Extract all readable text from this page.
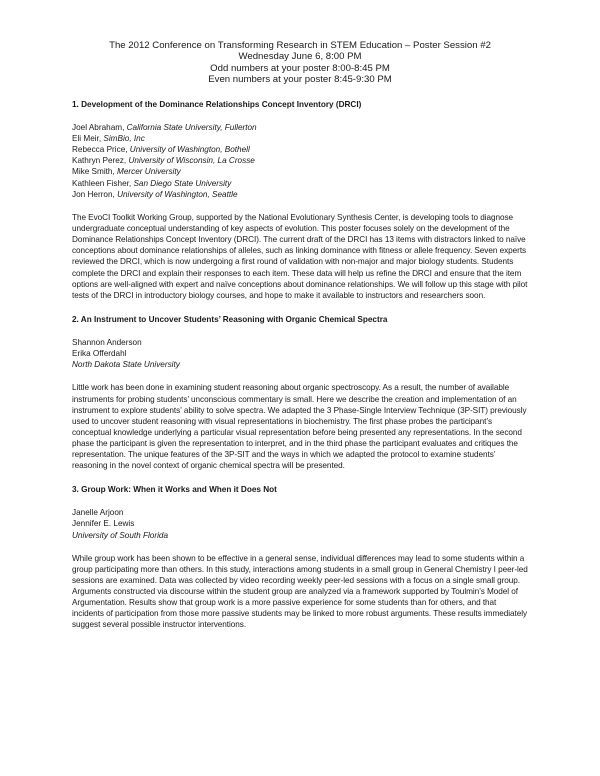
The 2012 Conference on Transforming Research in STEM Education – Poster Session #2
Wednesday June 6, 8:00 PM
Odd numbers at your poster 8:00-8:45 PM
Even numbers at your poster 8:45-9:30 PM
1. Development of the Dominance Relationships Concept Inventory (DRCI)
Joel Abraham, California State University, Fullerton
Eli Meir, SimBio, Inc
Rebecca Price, University of Washington, Bothell
Kathryn Perez, University of Wisconsin, La Crosse
Mike Smith, Mercer University
Kathleen Fisher, San Diego State University
Jon Herron, University of Washington, Seattle
The EvoCI Toolkit Working Group, supported by the National Evolutionary Synthesis Center, is developing tools to diagnose undergraduate conceptual understanding of key aspects of evolution. This poster focuses solely on the development of the Dominance Relationships Concept Inventory (DRCI). The current draft of the DRCI has 13 items with distractors linked to naïve conceptions about dominance relationships of alleles, such as linking dominance with fitness or allele frequency. Seven experts reviewed the DRCI, which is now undergoing a first round of validation with non-major and major biology students. Students complete the DRCI and explain their responses to each item. These data will help us refine the DRCI and ensure that the item options are well-aligned with expert and naïve conceptions about dominance relationships. We will follow up this stage with pilot tests of the DRCI in introductory biology courses, and hope to make it available to instructors and researchers soon.
2. An Instrument to Uncover Students’ Reasoning with Organic Chemical Spectra
Shannon Anderson
Erika Offerdahl
North Dakota State University
Little work has been done in examining student reasoning about organic spectroscopy. As a result, the number of available instruments for probing students’ unconscious commentary is small. Here we describe the creation and implementation of an instrument to explore students’ ability to solve spectra. We adapted the 3 Phase-Single Interview Technique (3P-SIT) previously used to uncover student reasoning with visual representations in biochemistry. The first phase probes the participant’s conceptual knowledge underlying a particular visual representation before being presented any representations. In the second phase the participant is given the representation to interpret, and in the third phase the participant evaluates and critiques the representation. The unique features of the 3P-SIT and the ways in which we adapted the protocol to examine students’ reasoning in the novel context of organic chemical spectra will be presented.
3. Group Work: When it Works and When it Does Not
Janelle Arjoon
Jennifer E. Lewis
University of South Florida
While group work has been shown to be effective in a general sense, individual differences may lead to some students within a group participating more than others. In this study, interactions among students in a small group in General Chemistry I peer-led sessions are examined. Data was collected by video recording weekly peer-led sessions with a focus on a single small group. Arguments constructed via discourse within the student group are analyzed via a framework supported by Toulmin’s Model of Argumentation. Results show that group work is a more passive experience for some students than for others, and that incidents of participation from those more passive students may be linked to more robust arguments. These results immediately suggest several possible instructor interventions.
